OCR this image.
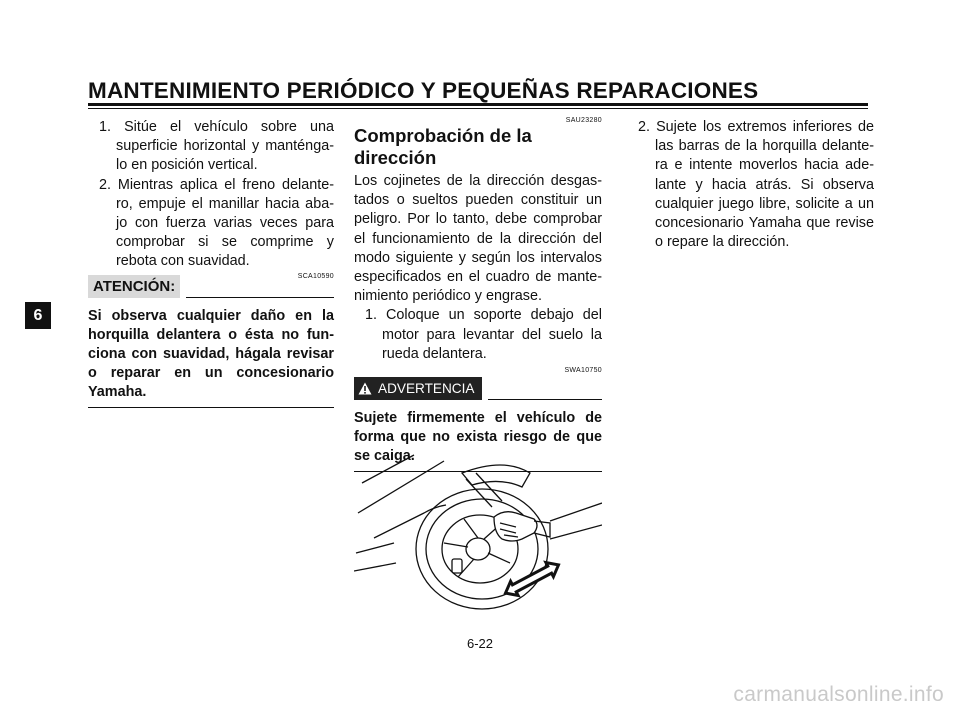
MANTENIMIENTO PERIÓDICO Y PEQUEÑAS REPARACIONES
6
1. Sitúe el vehículo sobre una superficie horizontal y manténga-lo en posición vertical.
2. Mientras aplica el freno delante-ro, empuje el manillar hacia aba-jo con fuerza varias veces para comprobar si se comprime y rebota con suavidad.
SCA10590
ATENCIÓN:
Si observa cualquier daño en la horquilla delantera o ésta no fun-ciona con suavidad, hágala revisar o reparar en un concesionario Yamaha.
SAU23280
Comprobación de la dirección
Los cojinetes de la dirección desgas-tados o sueltos pueden constituir un peligro. Por lo tanto, debe comprobar el funcionamiento de la dirección del modo siguiente y según los intervalos especificados en el cuadro de mante-nimiento periódico y engrase.
1. Coloque un soporte debajo del motor para levantar del suelo la rueda delantera.
SWA10750
ADVERTENCIA
Sujete firmemente el vehículo de forma que no exista riesgo de que se caiga.
2. Sujete los extremos inferiores de las barras de la horquilla delante-ra e intente moverlos hacia ade-lante y hacia atrás. Si observa cualquier juego libre, solicite a un concesionario Yamaha que revise o repare la dirección.
6-22
carmanualsonline.info
